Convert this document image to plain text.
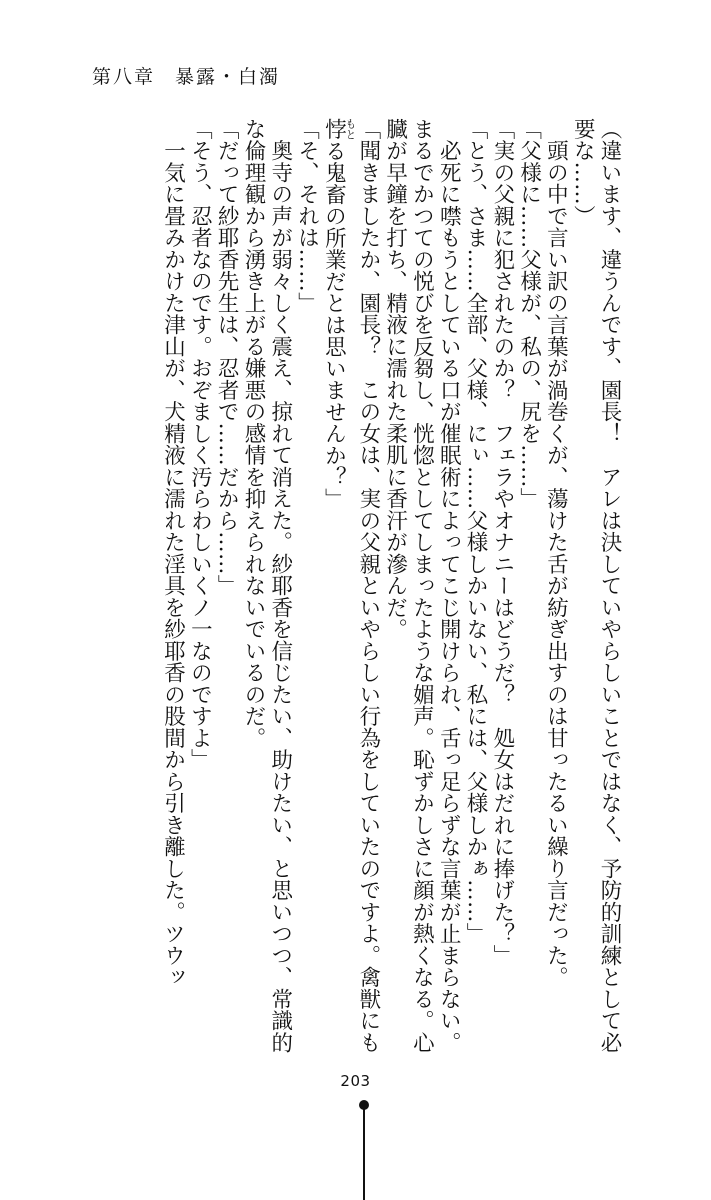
第八章 暴露・白濁

（違います、違うんです、園長！　アレは決していやらしいことではなく、予防的訓練として必要な……）

　頭の中で言い訳の言葉が渦巻くが、蕩けた舌が紡ぎ出すのは甘ったるい繰り言だった。

「父様に……父様が、私の、尻を……」

「実の父親に犯されたのか？　フェラやオナニーはどうだ？　処女はだれに捧げた？」

「とう、さま……全部、父様、にぃ……父様しかいない、私には、父様しかぁ……」

　必死に噤もうとしている口が催眠術によってこじ開けられ、舌っ足らずな言葉が止まらない。まるでかつての悦びを反芻し、恍惚としてしまったような媚声。恥ずかしさに顔が熱くなる。心臓が早鐘を打ち、精液に濡れた柔肌に香汗が滲んだ。

「聞きましたか、園長？　この女は、実の父親といやらしい行為をしていたのですよ。禽獣にも悖もとる鬼畜の所業だとは思いませんか？」

「そ、それは……」

　奥寺の声が弱々しく震え、掠れて消えた。紗耶香を信じたい、助けたい、と思いつつ、常識的な倫理観から湧き上がる嫌悪の感情を抑えられないでいるのだ。

「だって紗耶香先生は、忍者で……だから……」

「そう、忍者なのです。おぞましく汚らわしいくノ一なのですよ」

　一気に畳みかけた津山が、犬精液に濡れた淫具を紗耶香の股間から引き離した。ツウッ

203
